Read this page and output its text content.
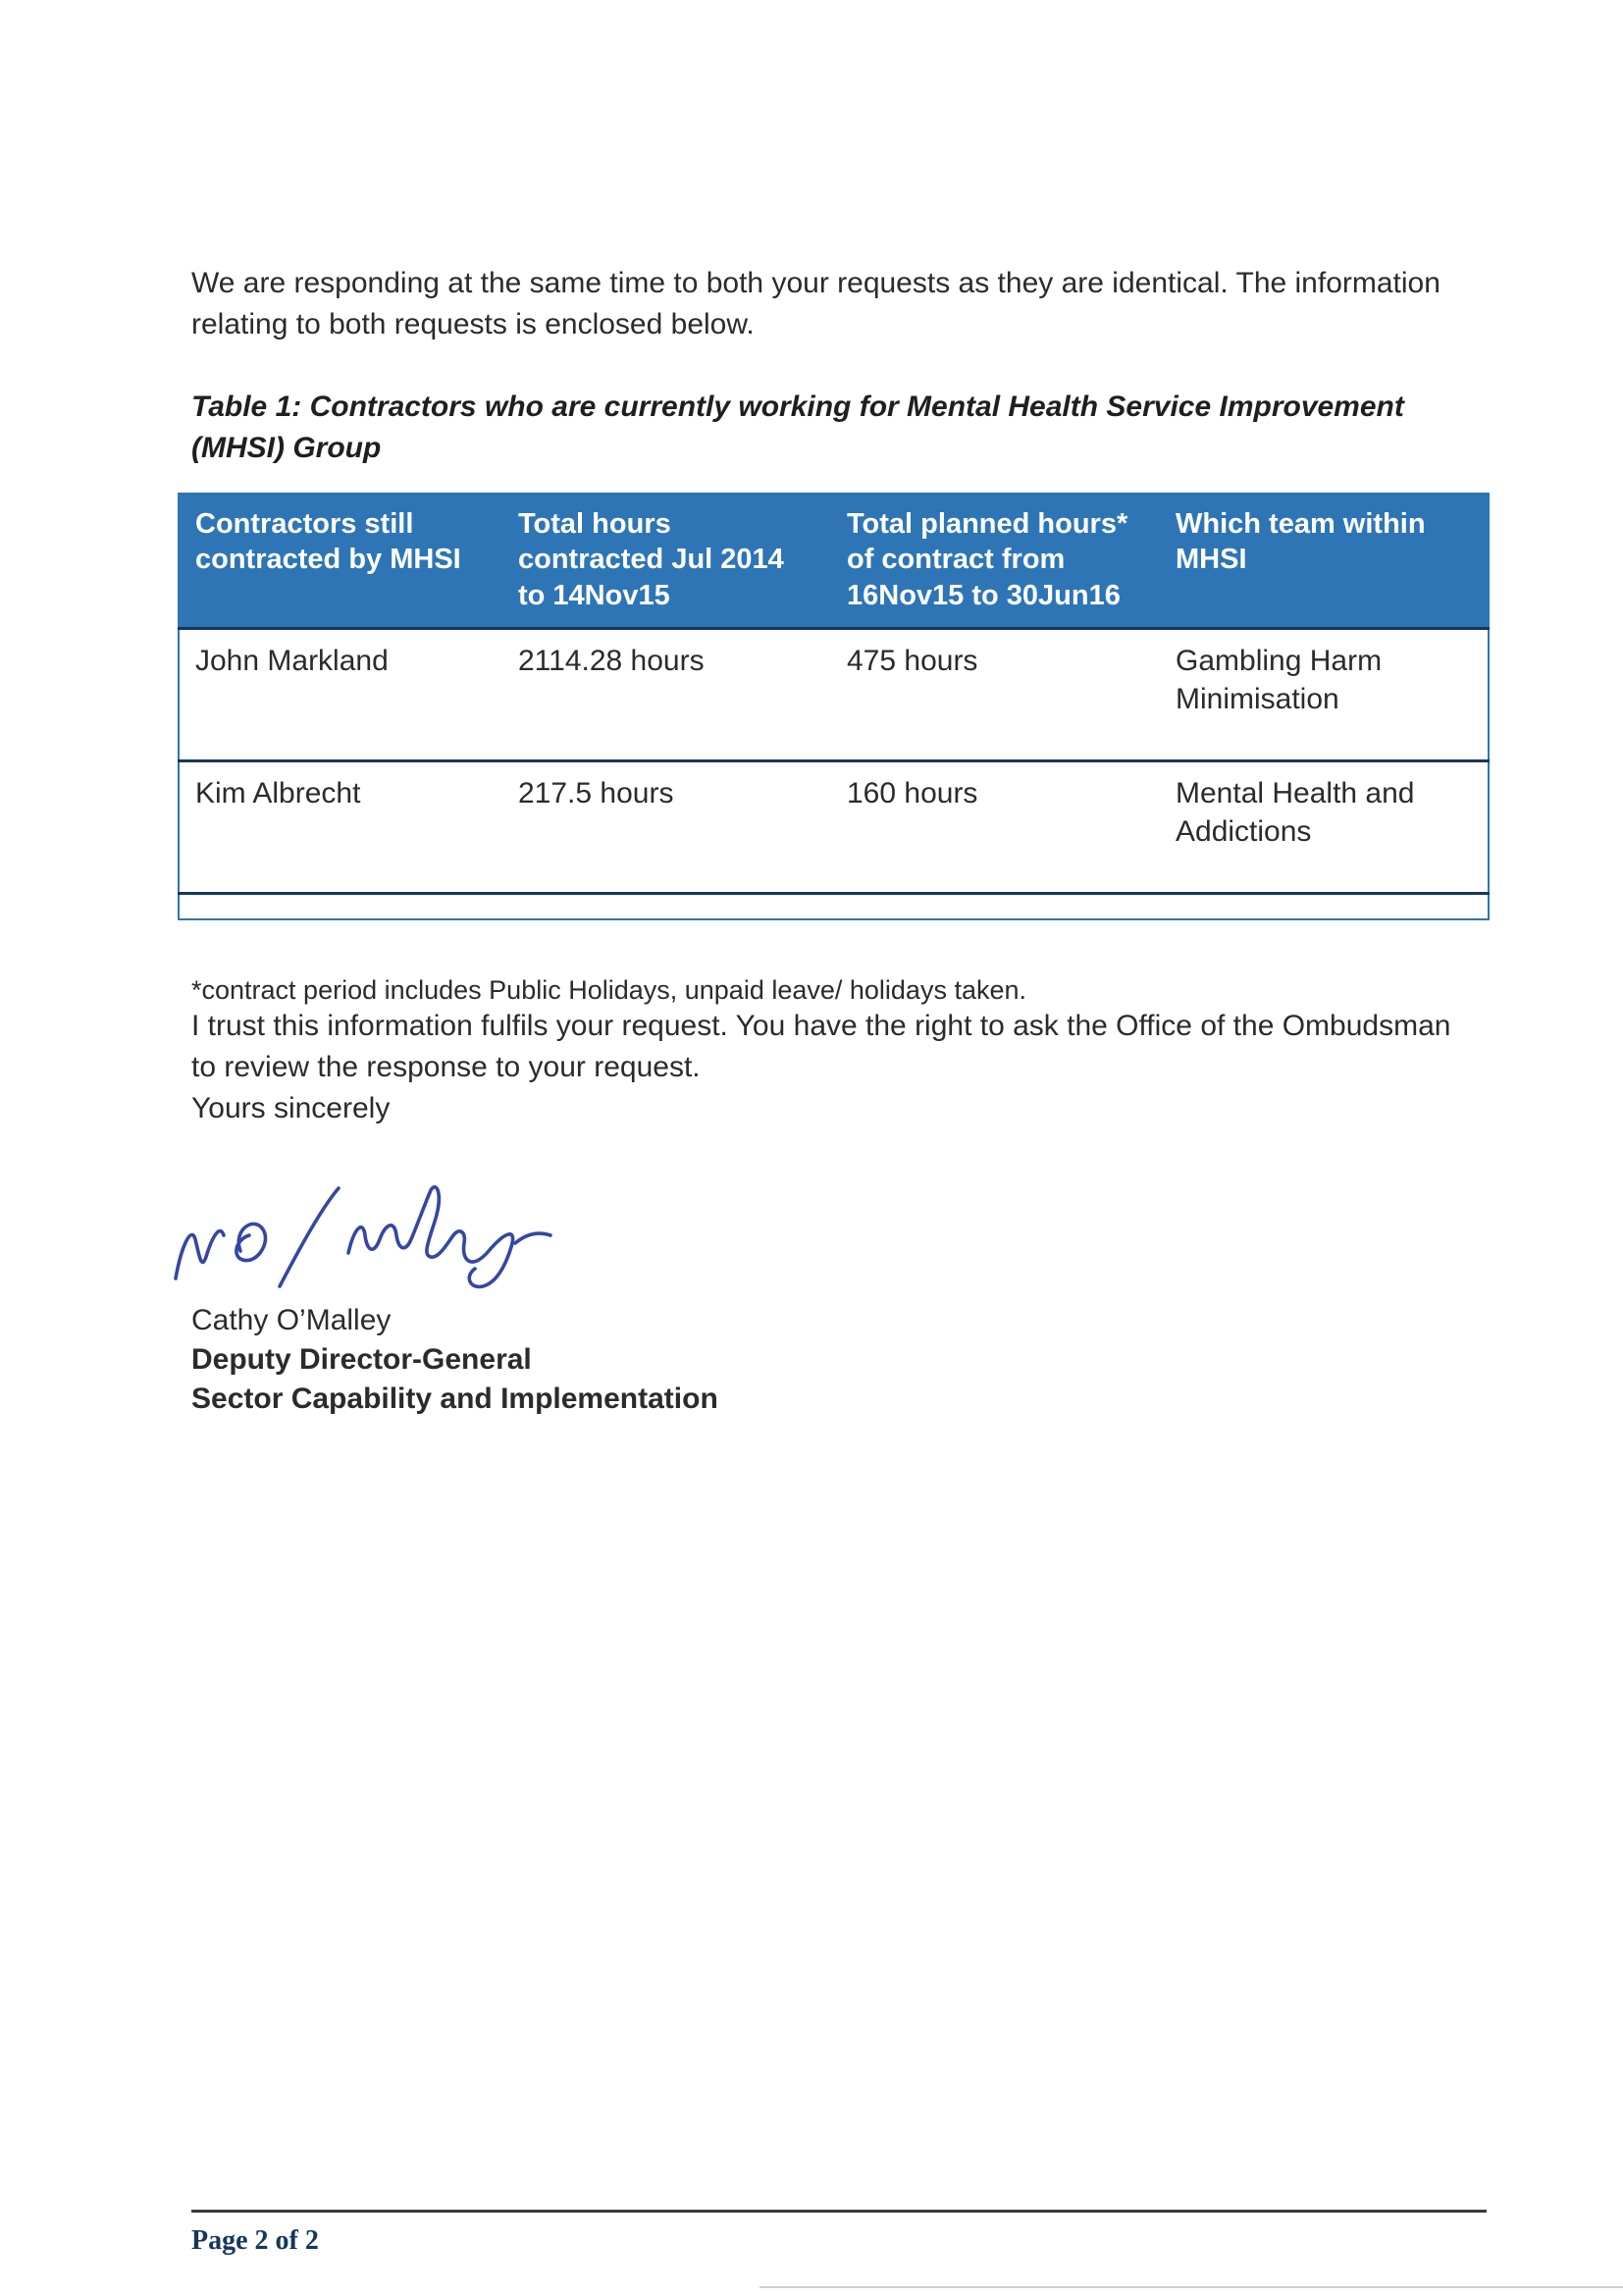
We are responding at the same time to both your requests as they are identical. The information relating to both requests is enclosed below.

Table 1: Contractors who are currently working for Mental Health Service Improvement (MHSI) Group

Contractors still contracted by MHSI	Total hours contracted Jul 2014 to 14Nov15	Total planned hours* of contract from 16Nov15 to 30Jun16	Which team within MHSI
John Markland	2114.28 hours	475 hours	Gambling Harm Minimisation
Kim Albrecht	217.5 hours	160 hours	Mental Health and Addictions

*contract period includes Public Holidays, unpaid leave/ holidays taken.

I trust this information fulfils your request. You have the right to ask the Office of the Ombudsman to review the response to your request.

Yours sincerely

Cathy O’Malley

Deputy Director-General

Sector Capability and Implementation

Page 2 of 2
